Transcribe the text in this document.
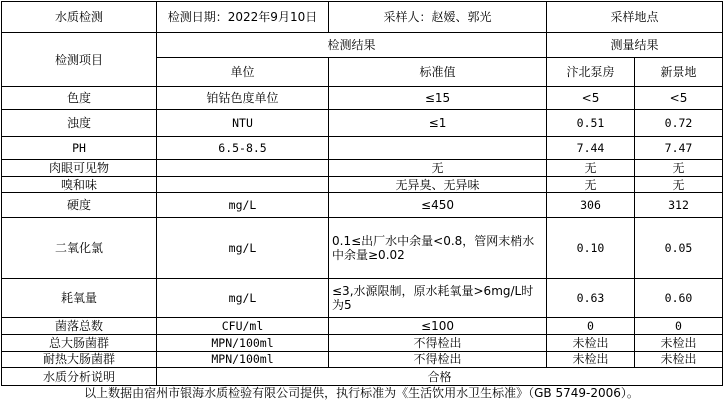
水质检测	检测日期：2022年9月10日	采样人：赵嫒、郭光	采样地点	
检测项目	检测结果		测量结果	
	单位	标准值	汴北泵房	新景地
色度	铂钴色度单位	≤15	<5	<5
浊度	NTU	≤1	0.51	0.72
PH	6.5-8.5		7.44	7.47
肉眼可见物		无	无	无
嗅和味		无异臭、无异味	无	无
硬度	mg/L	≤450	306	312
二氧化氯	mg/L	0.1≤出厂水中余量<0.8，管网末梢水中余量≥0.02	0.10	0.05
耗氧量	mg/L	≤3,水源限制，原水耗氧量>6mg/L时为5	0.63	0.60
菌落总数	CFU/ml	≤100	0	0
总大肠菌群	MPN/100ml	不得检出	未检出	未检出
耐热大肠菌群	MPN/100ml	不得检出	未检出	未检出
水质分析说明	合格			
以上数据由宿州市银海水质检验有限公司提供，执行标准为《生活饮用水卫生标准》（GB 5749-2006）。
